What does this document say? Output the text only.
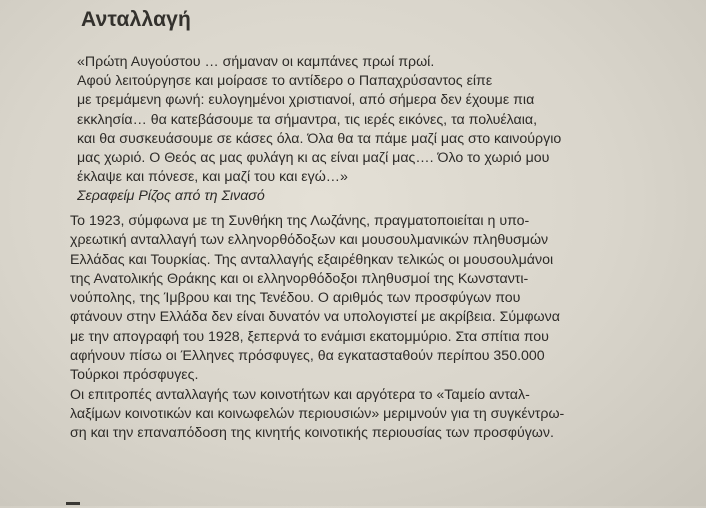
Ανταλλαγή
«Πρώτη Αυγούστου … σήμαναν οι καμπάνες πρωί πρωί.
Αφού λειτούργησε και μοίρασε το αντίδερο ο Παπαχρύσαντος είπε
με τρεμάμενη φωνή: ευλογημένοι χριστιανοί, από σήμερα δεν έχουμε πια
εκκλησία… θα κατεβάσουμε τα σήμαντρα, τις ιερές εικόνες, τα πολυέλαια,
και θα συσκευάσουμε σε κάσες όλα. Όλα θα τα πάμε μαζί μας στο καινούργιο
μας χωριό. Ο Θεός ας μας φυλάγη κι ας είναι μαζί μας…. Όλο το χωριό μου
έκλαψε και πόνεσε, και μαζί του και εγώ…»
Σεραφείμ Ρίζος από τη Σινασό
Το 1923, σύμφωνα με τη Συνθήκη της Λωζάνης, πραγματοποιείται η υπο-
χρεωτική ανταλλαγή των ελληνορθόδοξων και μουσουλμανικών πληθυσμών
Ελλάδας και Τουρκίας. Της ανταλλαγής εξαιρέθηκαν τελικώς οι μουσουλμάνοι
της Ανατολικής Θράκης και οι ελληνορθόδοξοι πληθυσμοί της Κωνσταντι-
νούπολης, της Ίμβρου και της Τενέδου. Ο αριθμός των προσφύγων που
φτάνουν στην Ελλάδα δεν είναι δυνατόν να υπολογιστεί με ακρίβεια. Σύμφωνα
με την απογραφή του 1928, ξεπερνά το ενάμισι εκατομμύριο. Στα σπίτια που
αφήνουν πίσω οι Έλληνες πρόσφυγες, θα εγκατασταθούν περίπου 350.000
Τούρκοι πρόσφυγες.
Οι επιτροπές ανταλλαγής των κοινοτήτων και αργότερα το «Ταμείο ανταλ-
λαξίμων κοινοτικών και κοινωφελών περιουσιών» μεριμνούν για τη συγκέντρω-
ση και την επαναπόδοση της κινητής κοινοτικής περιουσίας των προσφύγων.
